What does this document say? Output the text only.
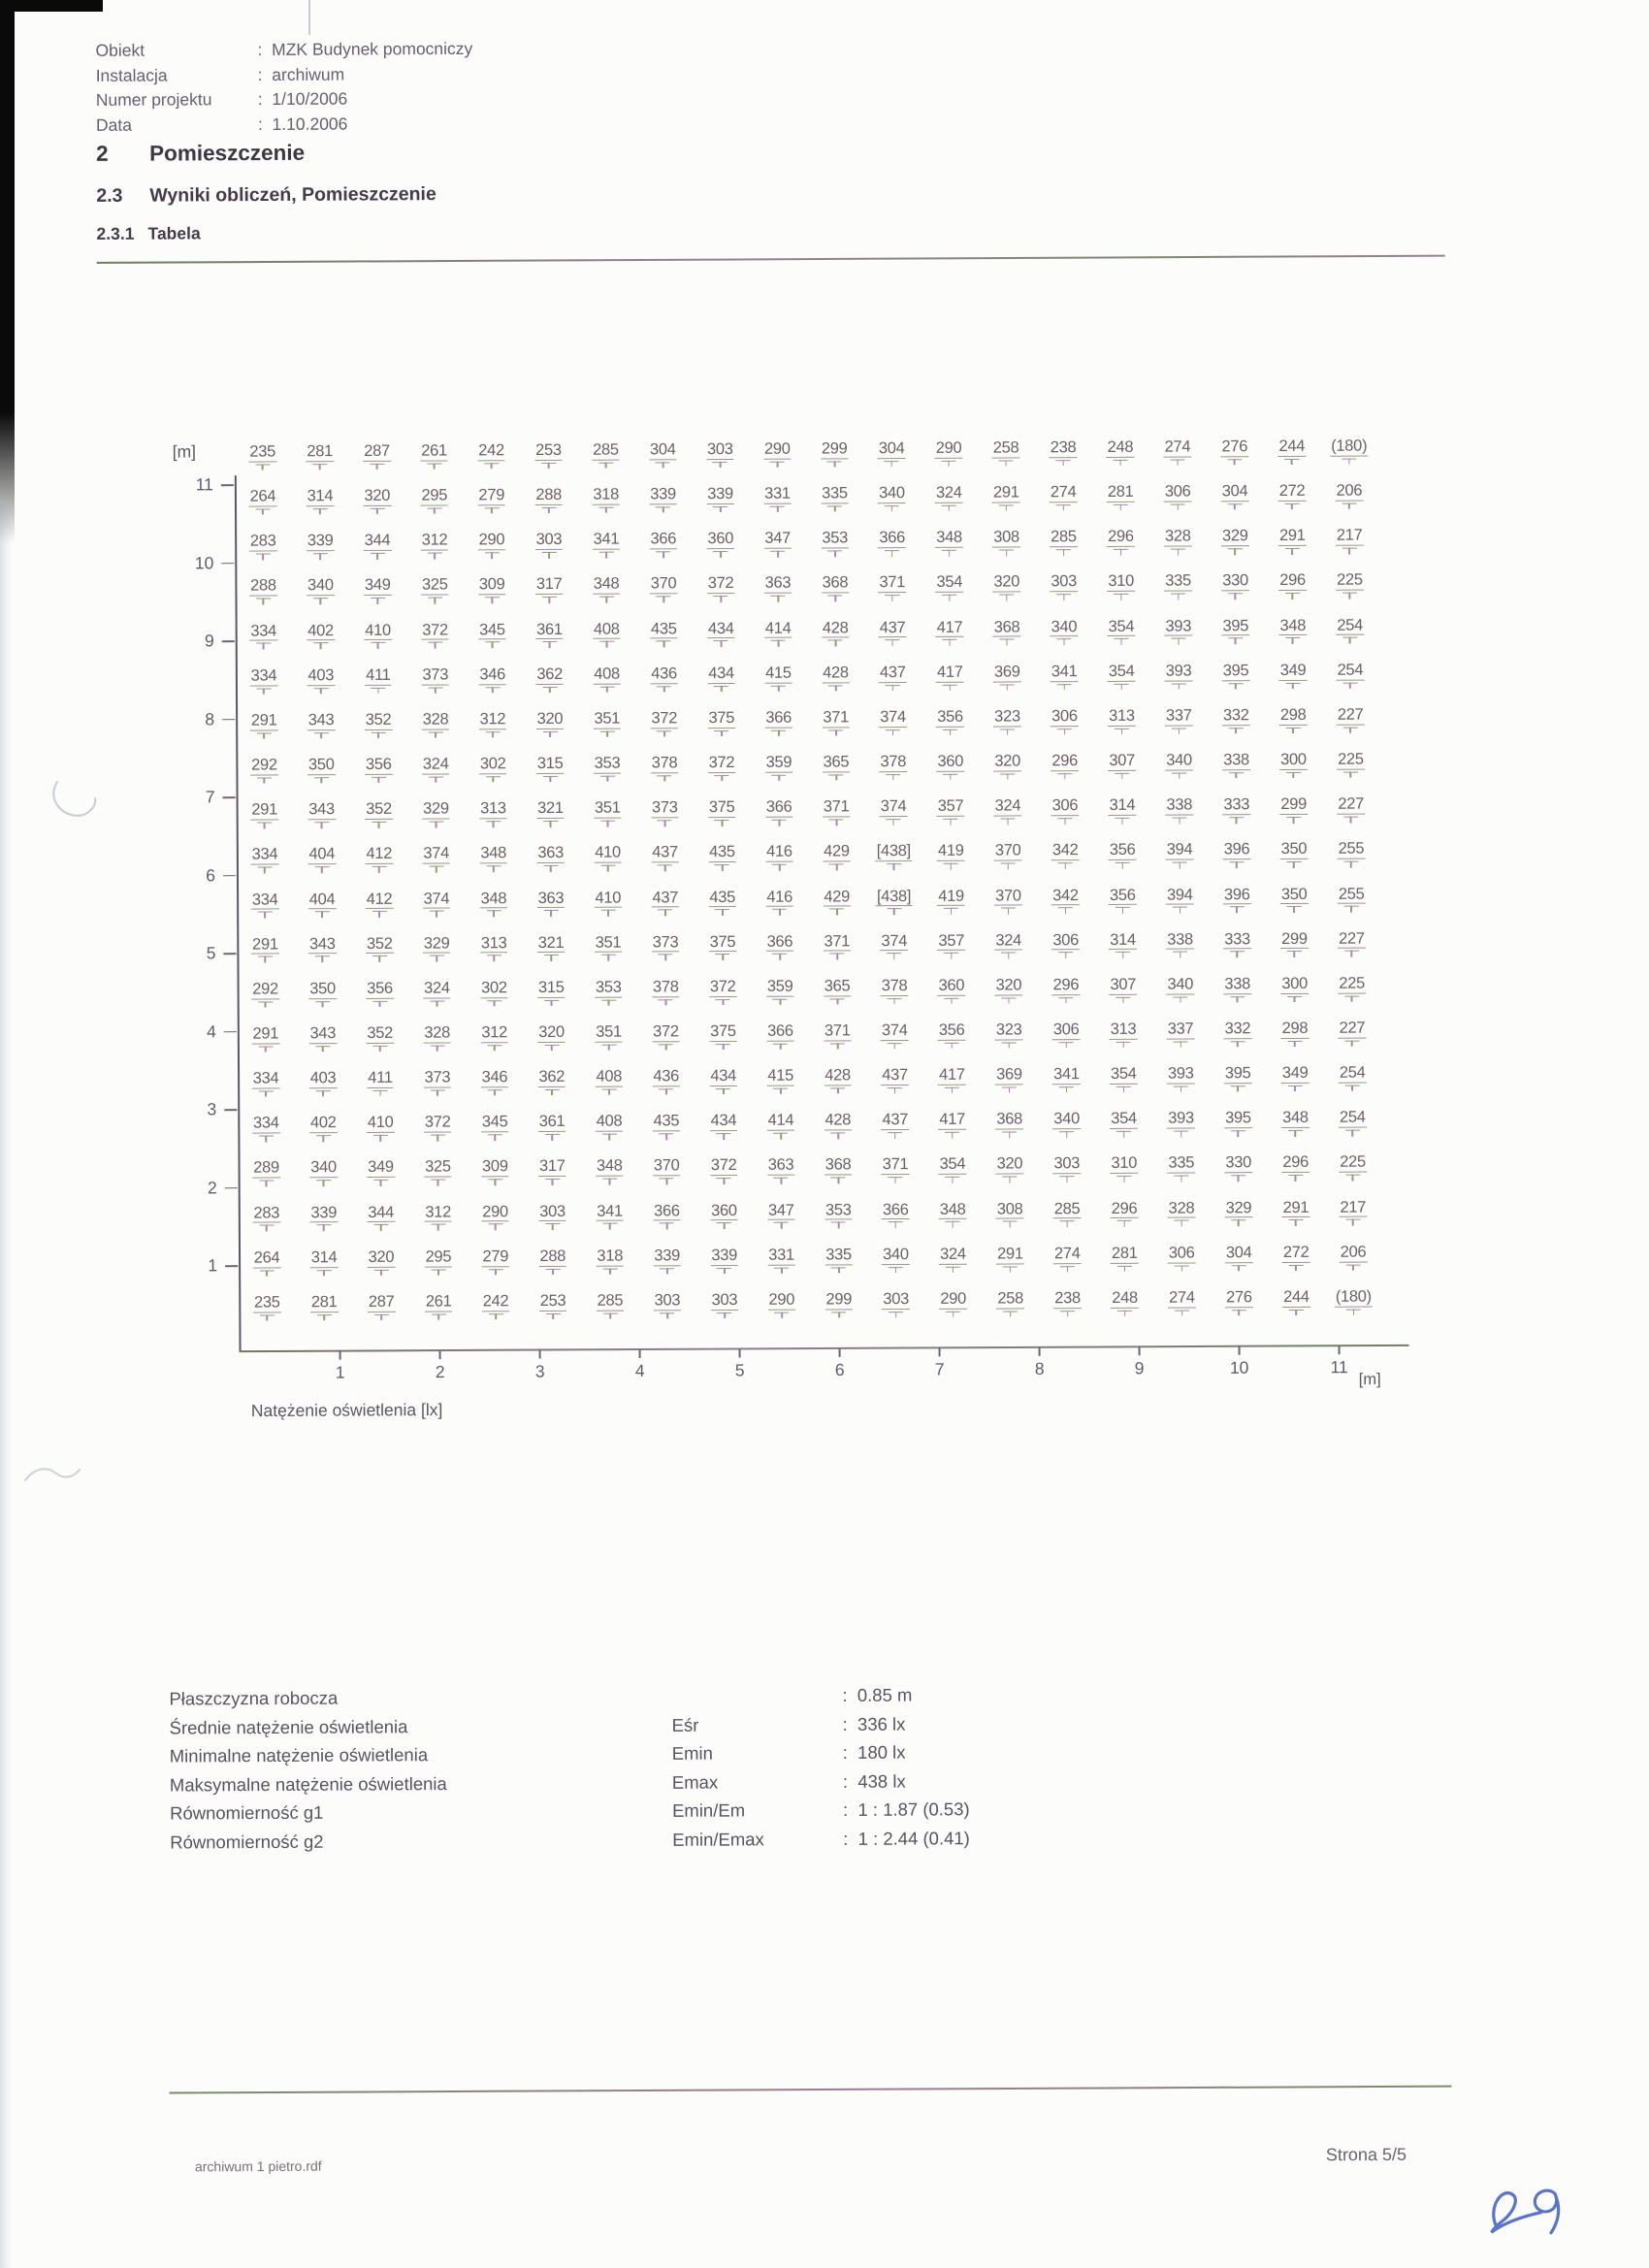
Obiekt	:  MZK Budynek pomocniczy
Instalacja	:  archiwum
Numer projektu	:  1/10/2006
Data	:  1.10.2006
2 Pomieszczenie
2.3 Wyniki obliczeń, Pomieszczenie
2.3.1 Tabela
[m]
[m]
Natężenie oświetlenia [lx]
235 281 287 261 242 253 285 304 303 290 299 304 290 258 238 248 274 276 244 (180)
264 314 320 295 279 288 318 339 339 331 335 340 324 291 274 281 306 304 272 206
283 339 344 312 290 303 341 366 360 347 353 366 348 308 285 296 328 329 291 217
288 340 349 325 309 317 348 370 372 363 368 371 354 320 303 310 335 330 296 225
334 402 410 372 345 361 408 435 434 414 428 437 417 368 340 354 393 395 348 254
334 403 411 373 346 362 408 436 434 415 428 437 417 369 341 354 393 395 349 254
291 343 352 328 312 320 351 372 375 366 371 374 356 323 306 313 337 332 298 227
292 350 356 324 302 315 353 378 372 359 365 378 360 320 296 307 340 338 300 225
291 343 352 329 313 321 351 373 375 366 371 374 357 324 306 314 338 333 299 227
334 404 412 374 348 363 410 437 435 416 429 [438] 419 370 342 356 394 396 350 255
334 404 412 374 348 363 410 437 435 416 429 [438] 419 370 342 356 394 396 350 255
291 343 352 329 313 321 351 373 375 366 371 374 357 324 306 314 338 333 299 227
292 350 356 324 302 315 353 378 372 359 365 378 360 320 296 307 340 338 300 225
291 343 352 328 312 320 351 372 375 366 371 374 356 323 306 313 337 332 298 227
334 403 411 373 346 362 408 436 434 415 428 437 417 369 341 354 393 395 349 254
334 402 410 372 345 361 408 435 434 414 428 437 417 368 340 354 393 395 348 254
289 340 349 325 309 317 348 370 372 363 368 371 354 320 303 310 335 330 296 225
283 339 344 312 290 303 341 366 360 347 353 366 348 308 285 296 328 329 291 217
264 314 320 295 279 288 318 339 339 331 335 340 324 291 274 281 306 304 272 206
235 281 287 261 242 253 285 303 303 290 299 303 290 258 238 248 274 276 244 (180)
11
10
9
8
7
6
5
4
3
2
1
1	2	3	4	5	6	7	8	9	10	11
Płaszczyzna robocza	:  0.85 m
Średnie natężenie oświetlenia	Eśr	:  336 lx
Minimalne natężenie oświetlenia	Emin	:  180 lx
Maksymalne natężenie oświetlenia	Emax	:  438 lx
Równomierność g1	Emin/Em	:  1 : 1.87 (0.53)
Równomierność g2	Emin/Emax	:  1 : 2.44 (0.41)
archiwum 1 pietro.rdf
Strona 5/5
